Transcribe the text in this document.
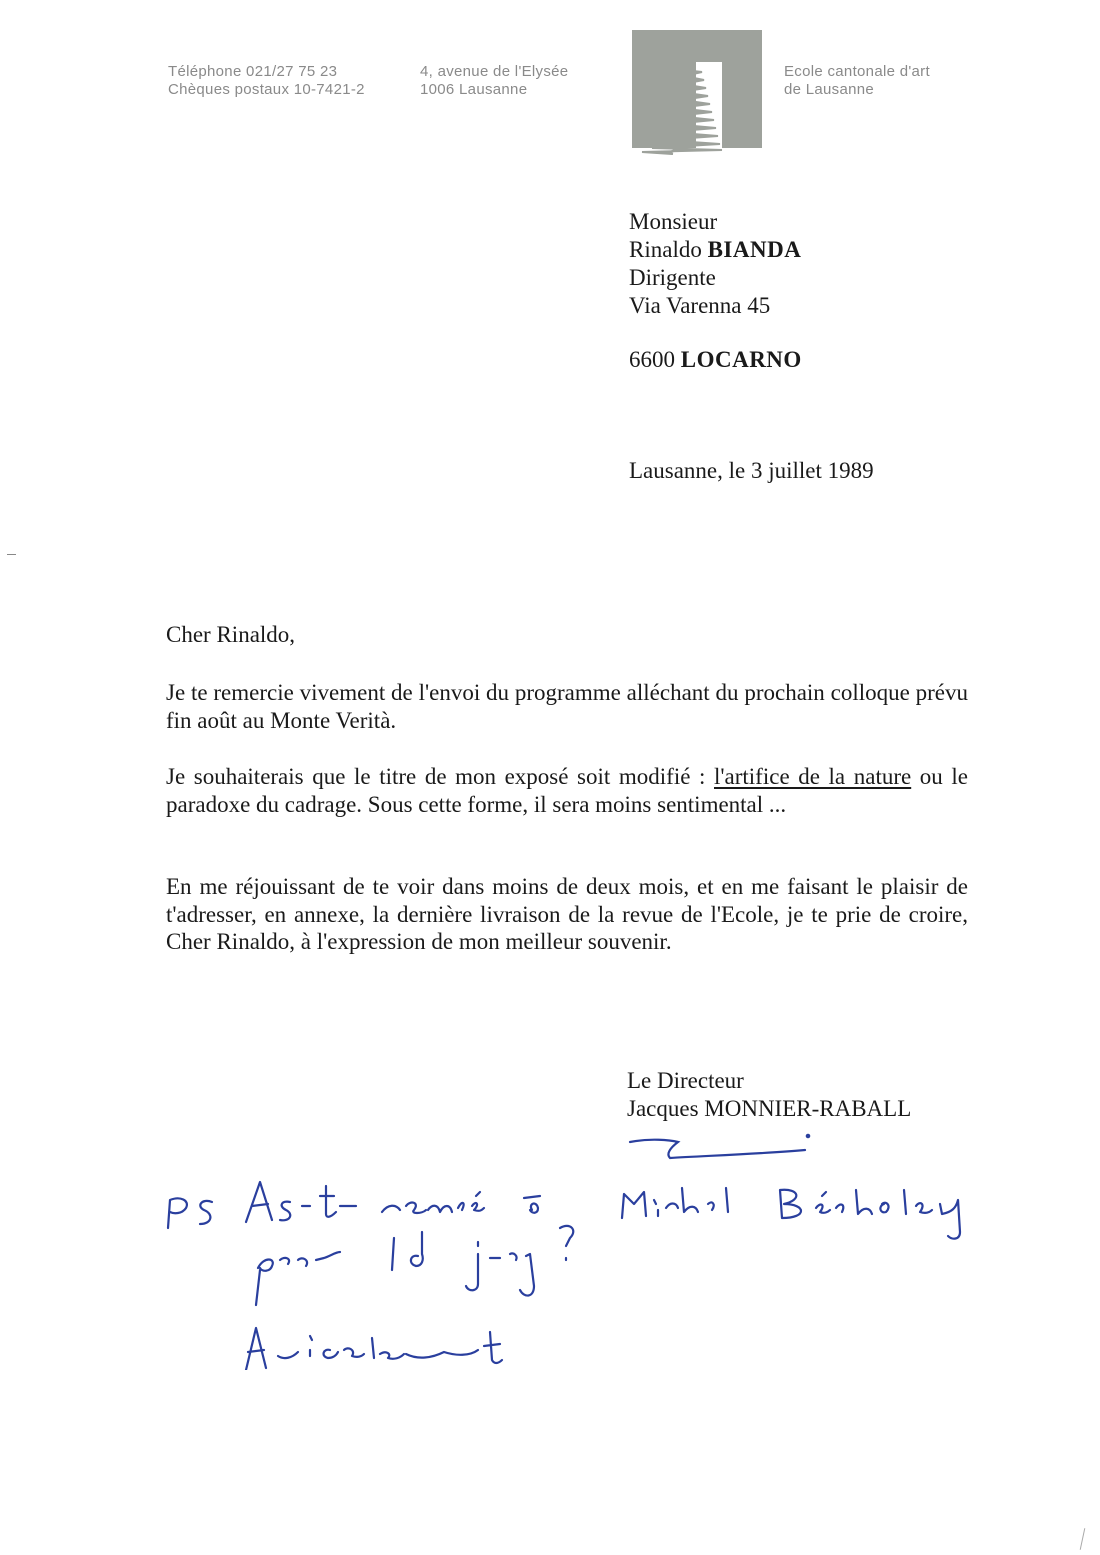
Téléphone 021/27 75 23
Chèques postaux 10-7421-2
4, avenue de l'Elysée
1006 Lausanne
Ecole cantonale d'art
de Lausanne
Monsieur
Rinaldo BIANDA
Dirigente
Via Varenna 45
6600 LOCARNO
Lausanne, le 3 juillet 1989
Cher Rinaldo,
Je te remercie vivement de l'envoi du programme alléchant du prochain colloque prévu fin août au Monte Verità.
Je souhaiterais que le titre de mon exposé soit modifié : l'artifice de la nature ou le paradoxe du cadrage. Sous cette forme, il sera moins sentimental ...
En me réjouissant de te voir dans moins de deux mois, et en me faisant le plaisir de t'adresser, en annexe, la dernière livraison de la revue de l'Ecole, je te prie de croire, Cher Rinaldo, à l'expression de mon meilleur souvenir.
Le Directeur
Jacques MONNIER-RABALL
